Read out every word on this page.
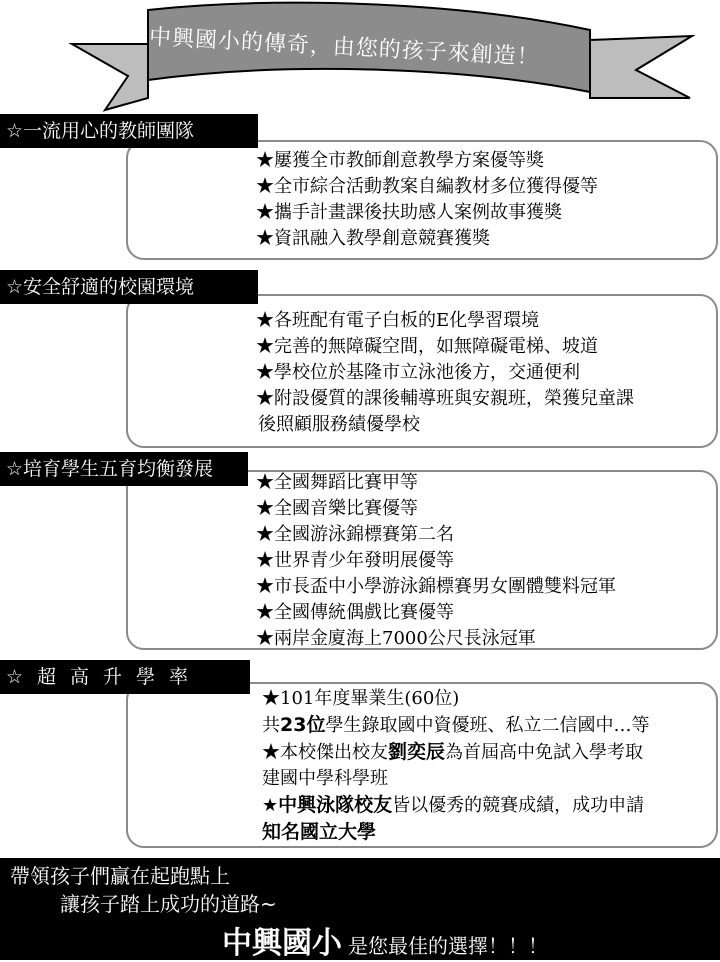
中興國小的傳奇，由您的孩子來創造！
☆一流用心的教師團隊
★屢獲全市教師創意教學方案優等獎
★全市綜合活動教案自編教材多位獲得優等
★攜手計畫課後扶助感人案例故事獲獎
★資訊融入教學創意競賽獲獎
☆安全舒適的校園環境
★各班配有電子白板的E化學習環境
★完善的無障礙空間，如無障礙電梯、坡道
★學校位於基隆市立泳池後方，交通便利
★附設優質的課後輔導班與安親班，榮獲兒童課
後照顧服務績優學校
☆培育學生五育均衡發展
★全國舞蹈比賽甲等
★全國音樂比賽優等
★全國游泳錦標賽第二名
★世界青少年發明展優等
★市長盃中小學游泳錦標賽男女團體雙料冠軍
★全國傳統偶戲比賽優等
★兩岸金廈海上7000公尺長泳冠軍
☆超高升學率
★101年度畢業生(60位)
共23位學生錄取國中資優班、私立二信國中…等
★本校傑出校友劉奕辰為首屆高中免試入學考取
建國中學科學班
★中興泳隊校友皆以優秀的競賽成績，成功申請
知名國立大學
帶領孩子們贏在起跑點上
讓孩子踏上成功的道路~
中興國小 是您最佳的選擇！！！
